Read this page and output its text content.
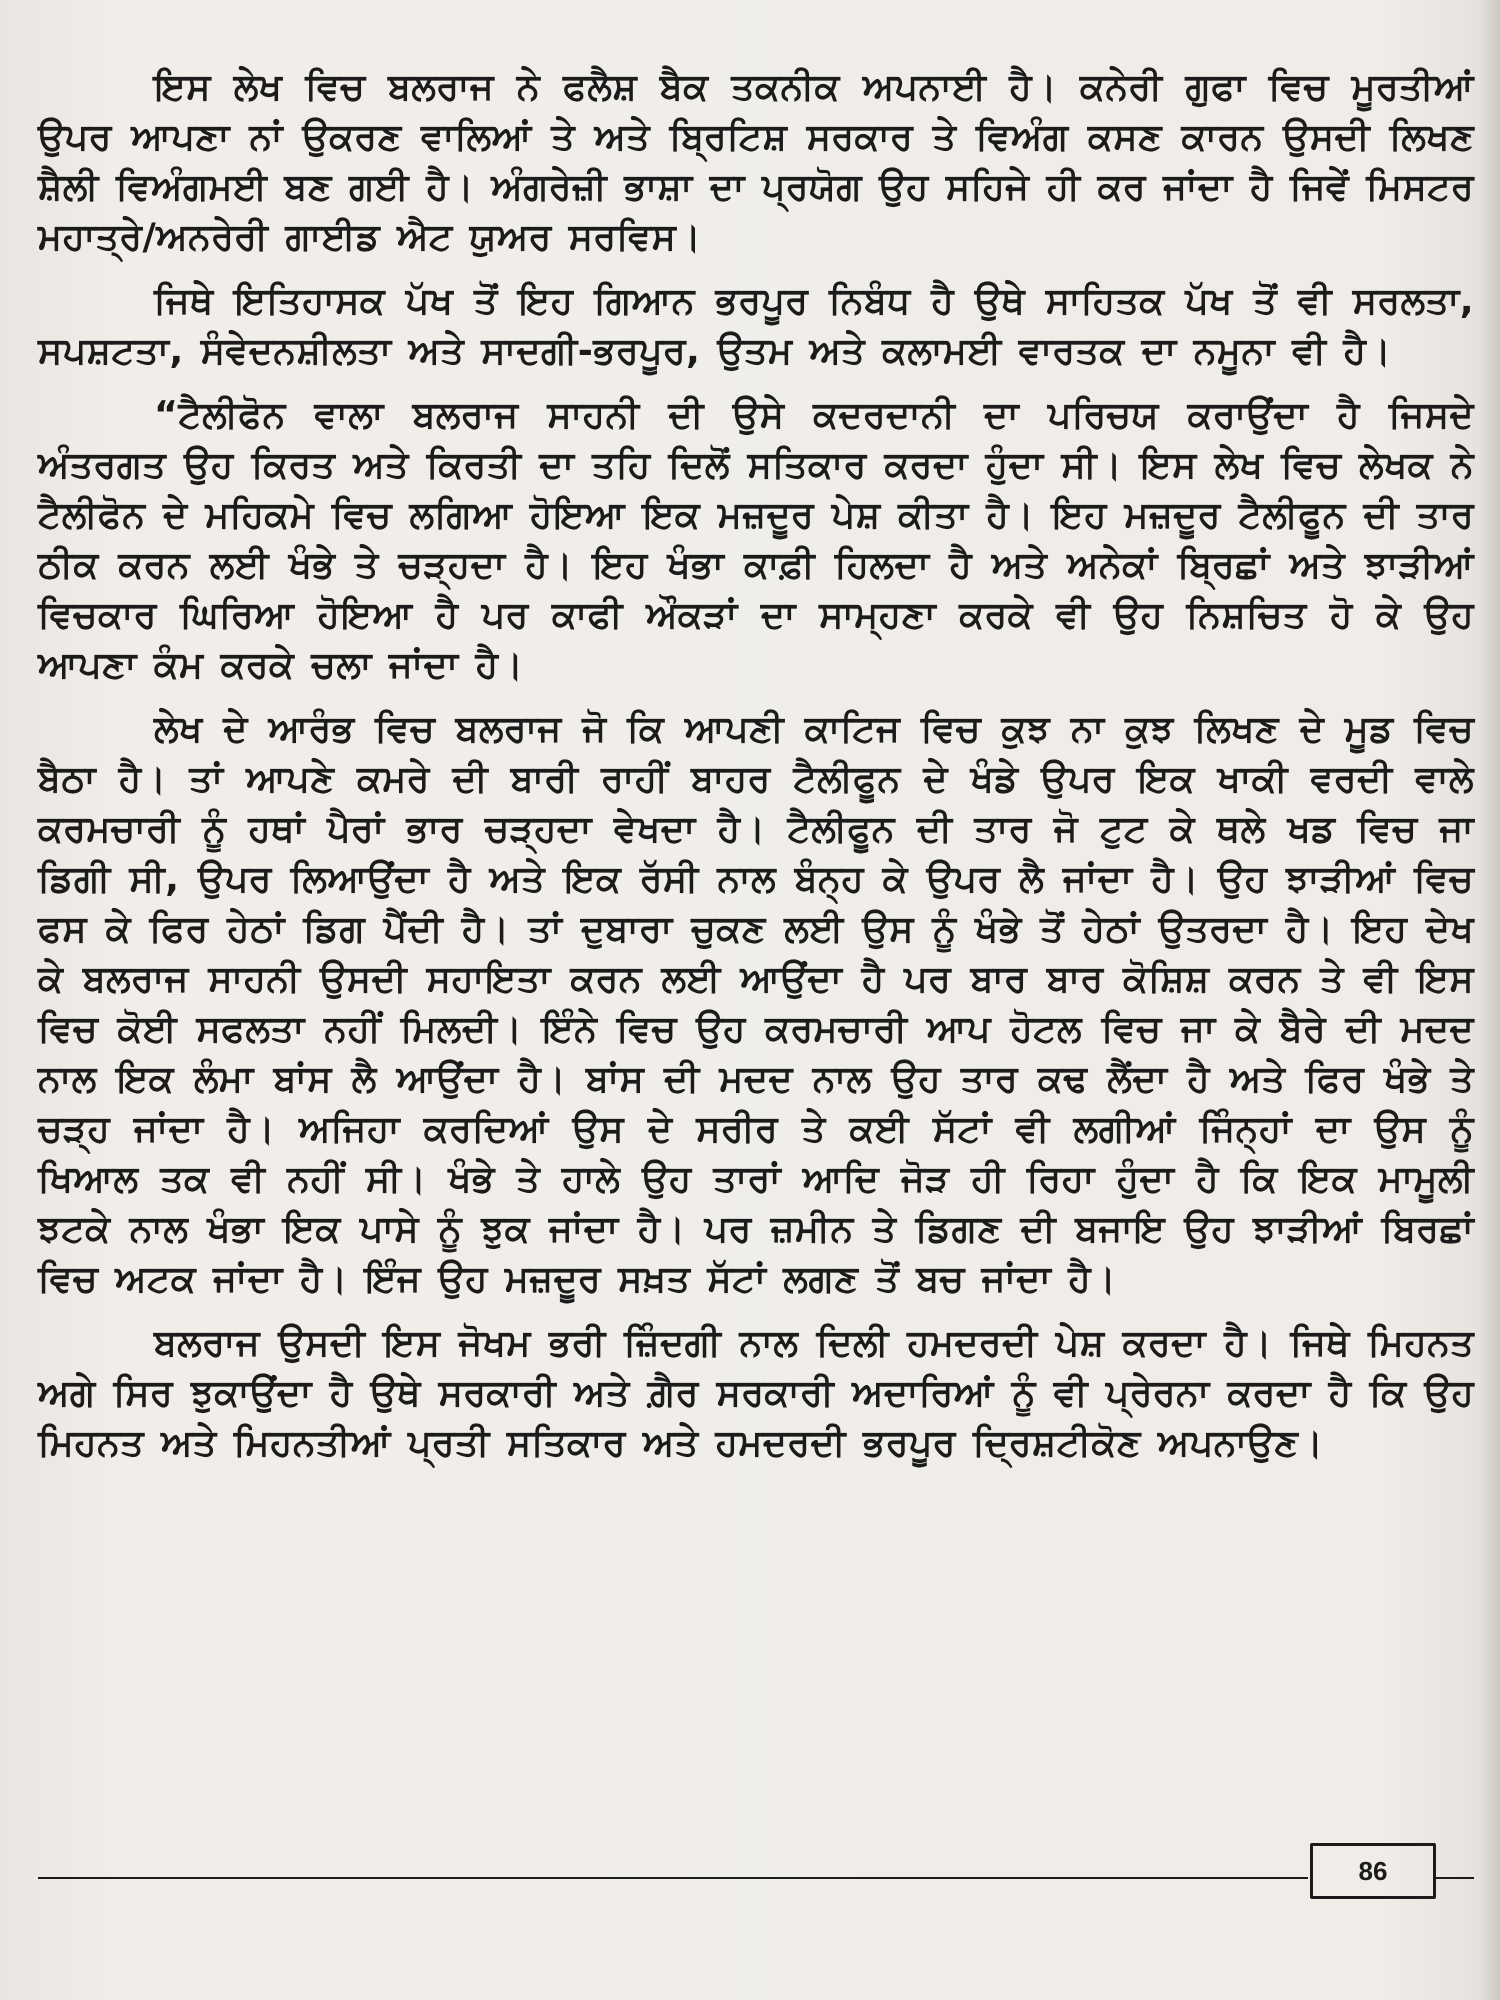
ਇਸ ਲੇਖ ਵਿਚ ਬਲਰਾਜ ਨੇ ਫਲੈਸ਼ ਬੈਕ ਤਕਨੀਕ ਅਪਨਾਈ ਹੈ। ਕਨੇਰੀ ਗੁਫਾ ਵਿਚ ਮੂਰਤੀਆਂ ਉਪਰ ਆਪਣਾ ਨਾਂ ਉਕਰਣ ਵਾਲਿਆਂ ਤੇ ਅਤੇ ਬ੍ਰਿਟਿਸ਼ ਸਰਕਾਰ ਤੇ ਵਿਅੰਗ ਕਸਣ ਕਾਰਨ ਉਸਦੀ ਲਿਖਣ ਸ਼ੈਲੀ ਵਿਅੰਗਮਈ ਬਣ ਗਈ ਹੈ। ਅੰਗਰੇਜ਼ੀ ਭਾਸ਼ਾ ਦਾ ਪ੍ਰਯੋਗ ਉਹ ਸਹਿਜੇ ਹੀ ਕਰ ਜਾਂਦਾ ਹੈ ਜਿਵੇਂ ਮਿਸਟਰ ਮਹਾਤ੍ਰੇ/ਅਨਰੇਰੀ ਗਾਈਡ ਐਟ ਯੁਅਰ ਸਰਵਿਸ।

ਜਿਥੇ ਇਤਿਹਾਸਕ ਪੱਖ ਤੋਂ ਇਹ ਗਿਆਨ ਭਰਪੂਰ ਨਿਬੰਧ ਹੈ ਉਥੇ ਸਾਹਿਤਕ ਪੱਖ ਤੋਂ ਵੀ ਸਰਲਤਾ, ਸਪਸ਼ਟਤਾ, ਸੰਵੇਦਨਸ਼ੀਲਤਾ ਅਤੇ ਸਾਦਗੀ-ਭਰਪੂਰ, ਉਤਮ ਅਤੇ ਕਲਾਮਈ ਵਾਰਤਕ ਦਾ ਨਮੂਨਾ ਵੀ ਹੈ।

“ਟੈਲੀਫੋਨ ਵਾਲਾ ਬਲਰਾਜ ਸਾਹਨੀ ਦੀ ਉਸੇ ਕਦਰਦਾਨੀ ਦਾ ਪਰਿਚਯ ਕਰਾਉਂਦਾ ਹੈ ਜਿਸਦੇ ਅੰਤਰਗਤ ਉਹ ਕਿਰਤ ਅਤੇ ਕਿਰਤੀ ਦਾ ਤਹਿ ਦਿਲੋਂ ਸਤਿਕਾਰ ਕਰਦਾ ਹੁੰਦਾ ਸੀ। ਇਸ ਲੇਖ ਵਿਚ ਲੇਖਕ ਨੇ ਟੈਲੀਫੋਨ ਦੇ ਮਹਿਕਮੇ ਵਿਚ ਲਗਿਆ ਹੋਇਆ ਇਕ ਮਜ਼ਦੂਰ ਪੇਸ਼ ਕੀਤਾ ਹੈ। ਇਹ ਮਜ਼ਦੂਰ ਟੈਲੀਫੂਨ ਦੀ ਤਾਰ ਠੀਕ ਕਰਨ ਲਈ ਖੰਭੇ ਤੇ ਚੜ੍ਹਦਾ ਹੈ। ਇਹ ਖੰਭਾ ਕਾਫ਼ੀ ਹਿਲਦਾ ਹੈ ਅਤੇ ਅਨੇਕਾਂ ਬ੍ਰਿਛਾਂ ਅਤੇ ਝਾੜੀਆਂ ਵਿਚਕਾਰ ਘਿਰਿਆ ਹੋਇਆ ਹੈ ਪਰ ਕਾਫੀ ਔਕੜਾਂ ਦਾ ਸਾਮ੍ਹਣਾ ਕਰਕੇ ਵੀ ਉਹ ਨਿਸ਼ਚਿਤ ਹੋ ਕੇ ਉਹ ਆਪਣਾ ਕੰਮ ਕਰਕੇ ਚਲਾ ਜਾਂਦਾ ਹੈ।

ਲੇਖ ਦੇ ਆਰੰਭ ਵਿਚ ਬਲਰਾਜ ਜੋ ਕਿ ਆਪਣੀ ਕਾਟਿਜ ਵਿਚ ਕੁਝ ਨਾ ਕੁਝ ਲਿਖਣ ਦੇ ਮੂਡ ਵਿਚ ਬੈਠਾ ਹੈ। ਤਾਂ ਆਪਣੇ ਕਮਰੇ ਦੀ ਬਾਰੀ ਰਾਹੀਂ ਬਾਹਰ ਟੈਲੀਫੂਨ ਦੇ ਖੰਡੇ ਉਪਰ ਇਕ ਖਾਕੀ ਵਰਦੀ ਵਾਲੇ ਕਰਮਚਾਰੀ ਨੂੰ ਹਥਾਂ ਪੈਰਾਂ ਭਾਰ ਚੜ੍ਹਦਾ ਵੇਖਦਾ ਹੈ। ਟੈਲੀਫੂਨ ਦੀ ਤਾਰ ਜੋ ਟੁਟ ਕੇ ਥਲੇ ਖਡ ਵਿਚ ਜਾ ਡਿਗੀ ਸੀ, ਉਪਰ ਲਿਆਉਂਦਾ ਹੈ ਅਤੇ ਇਕ ਰੱਸੀ ਨਾਲ ਬੰਨ੍ਹ ਕੇ ਉਪਰ ਲੈ ਜਾਂਦਾ ਹੈ। ਉਹ ਝਾੜੀਆਂ ਵਿਚ ਫਸ ਕੇ ਫਿਰ ਹੇਠਾਂ ਡਿਗ ਪੈਂਦੀ ਹੈ। ਤਾਂ ਦੁਬਾਰਾ ਚੁਕਣ ਲਈ ਉਸ ਨੂੰ ਖੰਭੇ ਤੋਂ ਹੇਠਾਂ ਉਤਰਦਾ ਹੈ। ਇਹ ਦੇਖ ਕੇ ਬਲਰਾਜ ਸਾਹਨੀ ਉਸਦੀ ਸਹਾਇਤਾ ਕਰਨ ਲਈ ਆਉਂਦਾ ਹੈ ਪਰ ਬਾਰ ਬਾਰ ਕੋਸ਼ਿਸ਼ ਕਰਨ ਤੇ ਵੀ ਇਸ ਵਿਚ ਕੋਈ ਸਫਲਤਾ ਨਹੀਂ ਮਿਲਦੀ। ਇੰਨੇ ਵਿਚ ਉਹ ਕਰਮਚਾਰੀ ਆਪ ਹੋਟਲ ਵਿਚ ਜਾ ਕੇ ਬੈਰੇ ਦੀ ਮਦਦ ਨਾਲ ਇਕ ਲੰਮਾ ਬਾਂਸ ਲੈ ਆਉਂਦਾ ਹੈ। ਬਾਂਸ ਦੀ ਮਦਦ ਨਾਲ ਉਹ ਤਾਰ ਕਢ ਲੈਂਦਾ ਹੈ ਅਤੇ ਫਿਰ ਖੰਭੇ ਤੇ ਚੜ੍ਹ ਜਾਂਦਾ ਹੈ। ਅਜਿਹਾ ਕਰਦਿਆਂ ਉਸ ਦੇ ਸਰੀਰ ਤੇ ਕਈ ਸੱਟਾਂ ਵੀ ਲਗੀਆਂ ਜਿੰਨ੍ਹਾਂ ਦਾ ਉਸ ਨੂੰ ਖਿਆਲ ਤਕ ਵੀ ਨਹੀਂ ਸੀ। ਖੰਭੇ ਤੇ ਹਾਲੇ ਉਹ ਤਾਰਾਂ ਆਦਿ ਜੋੜ ਹੀ ਰਿਹਾ ਹੁੰਦਾ ਹੈ ਕਿ ਇਕ ਮਾਮੂਲੀ ਝਟਕੇ ਨਾਲ ਖੰਭਾ ਇਕ ਪਾਸੇ ਨੂੰ ਝੁਕ ਜਾਂਦਾ ਹੈ। ਪਰ ਜ਼ਮੀਨ ਤੇ ਡਿਗਣ ਦੀ ਬਜਾਇ ਉਹ ਝਾੜੀਆਂ ਬਿਰਛਾਂ ਵਿਚ ਅਟਕ ਜਾਂਦਾ ਹੈ। ਇੰਜ ਉਹ ਮਜ਼ਦੂਰ ਸਖ਼ਤ ਸੱਟਾਂ ਲਗਣ ਤੋਂ ਬਚ ਜਾਂਦਾ ਹੈ।

ਬਲਰਾਜ ਉਸਦੀ ਇਸ ਜੋਖਮ ਭਰੀ ਜ਼ਿੰਦਗੀ ਨਾਲ ਦਿਲੀ ਹਮਦਰਦੀ ਪੇਸ਼ ਕਰਦਾ ਹੈ। ਜਿਥੇ ਮਿਹਨਤ ਅਗੇ ਸਿਰ ਝੁਕਾਉਂਦਾ ਹੈ ਉਥੇ ਸਰਕਾਰੀ ਅਤੇ ਗ਼ੈਰ ਸਰਕਾਰੀ ਅਦਾਰਿਆਂ ਨੂੰ ਵੀ ਪ੍ਰੇਰਨਾ ਕਰਦਾ ਹੈ ਕਿ ਉਹ ਮਿਹਨਤ ਅਤੇ ਮਿਹਨਤੀਆਂ ਪ੍ਰਤੀ ਸਤਿਕਾਰ ਅਤੇ ਹਮਦਰਦੀ ਭਰਪੂਰ ਦ੍ਰਿਸ਼ਟੀਕੋਣ ਅਪਨਾਉਣ।

86
